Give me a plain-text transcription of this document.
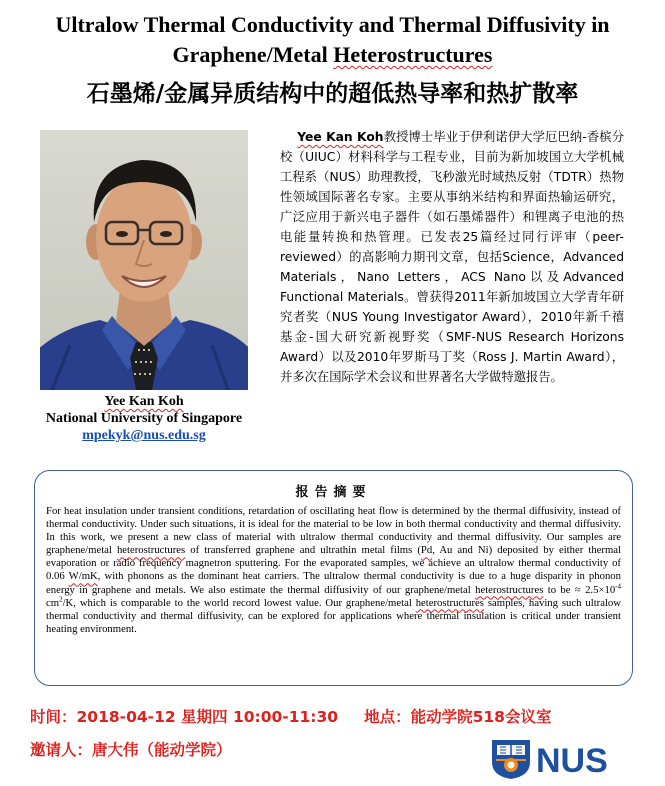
Ultralow Thermal Conductivity and Thermal Diffusivity in
Graphene/Metal Heterostructures
石墨烯/金属异质结构中的超低热导率和热扩散率
Yee Kan Koh
National University of Singapore
mpekyk@nus.edu.sg
Yee Kan Koh教授博士毕业于伊利诺伊大学厄巴纳-香槟分校（UIUC）材料科学与工程专业，目前为新加坡国立大学机械工程系（NUS）助理教授，飞秒激光时域热反射（TDTR）热物性领域国际著名专家。主要从事纳米结构和界面热输运研究，广泛应用于新兴电子器件（如石墨烯器件）和锂离子电池的热电能量转换和热管理。已发表25篇经过同行评审（peer-reviewed）的高影响力期刊文章，包括Science，Advanced Materials，Nano Letters，ACS Nano以及Advanced Functional Materials。曾获得2011年新加坡国立大学青年研究者奖（NUS Young Investigator Award），2010年新千禧基金-国大研究新视野奖（SMF-NUS Research Horizons Award）以及2010年罗斯马丁奖（Ross J. Martin Award），并多次在国际学术会议和世界著名大学做特邀报告。
报告摘要
For heat insulation under transient conditions, retardation of oscillating heat flow is determined by the thermal diffusivity, instead of thermal conductivity. Under such situations, it is ideal for the material to be low in both thermal conductivity and thermal diffusivity. In this work, we present a new class of material with ultralow thermal conductivity and thermal diffusivity. Our samples are graphene/metal heterostructures of transferred graphene and ultrathin metal films (Pd, Au and Ni) deposited by either thermal evaporation or radio frequency magnetron sputtering. For the evaporated samples, we achieve an ultralow thermal conductivity of 0.06 W/mK, with phonons as the dominant heat carriers. The ultralow thermal conductivity is due to a huge disparity in phonon energy in graphene and metals. We also estimate the thermal diffusivity of our graphene/metal heterostructures to be ≈ $2.5\times 10^{-4}$ $cm^2/K$, which is comparable to the world record lowest value. Our graphene/metal heterostructures samples, having such ultralow thermal conductivity and thermal diffusivity, can be explored for applications where thermal insulation is critical under transient heating environment.
时间：2018-04-12 星期四 10:00-11:30 地点：能动学院518会议室
邀请人：唐大伟（能动学院）	NUS
